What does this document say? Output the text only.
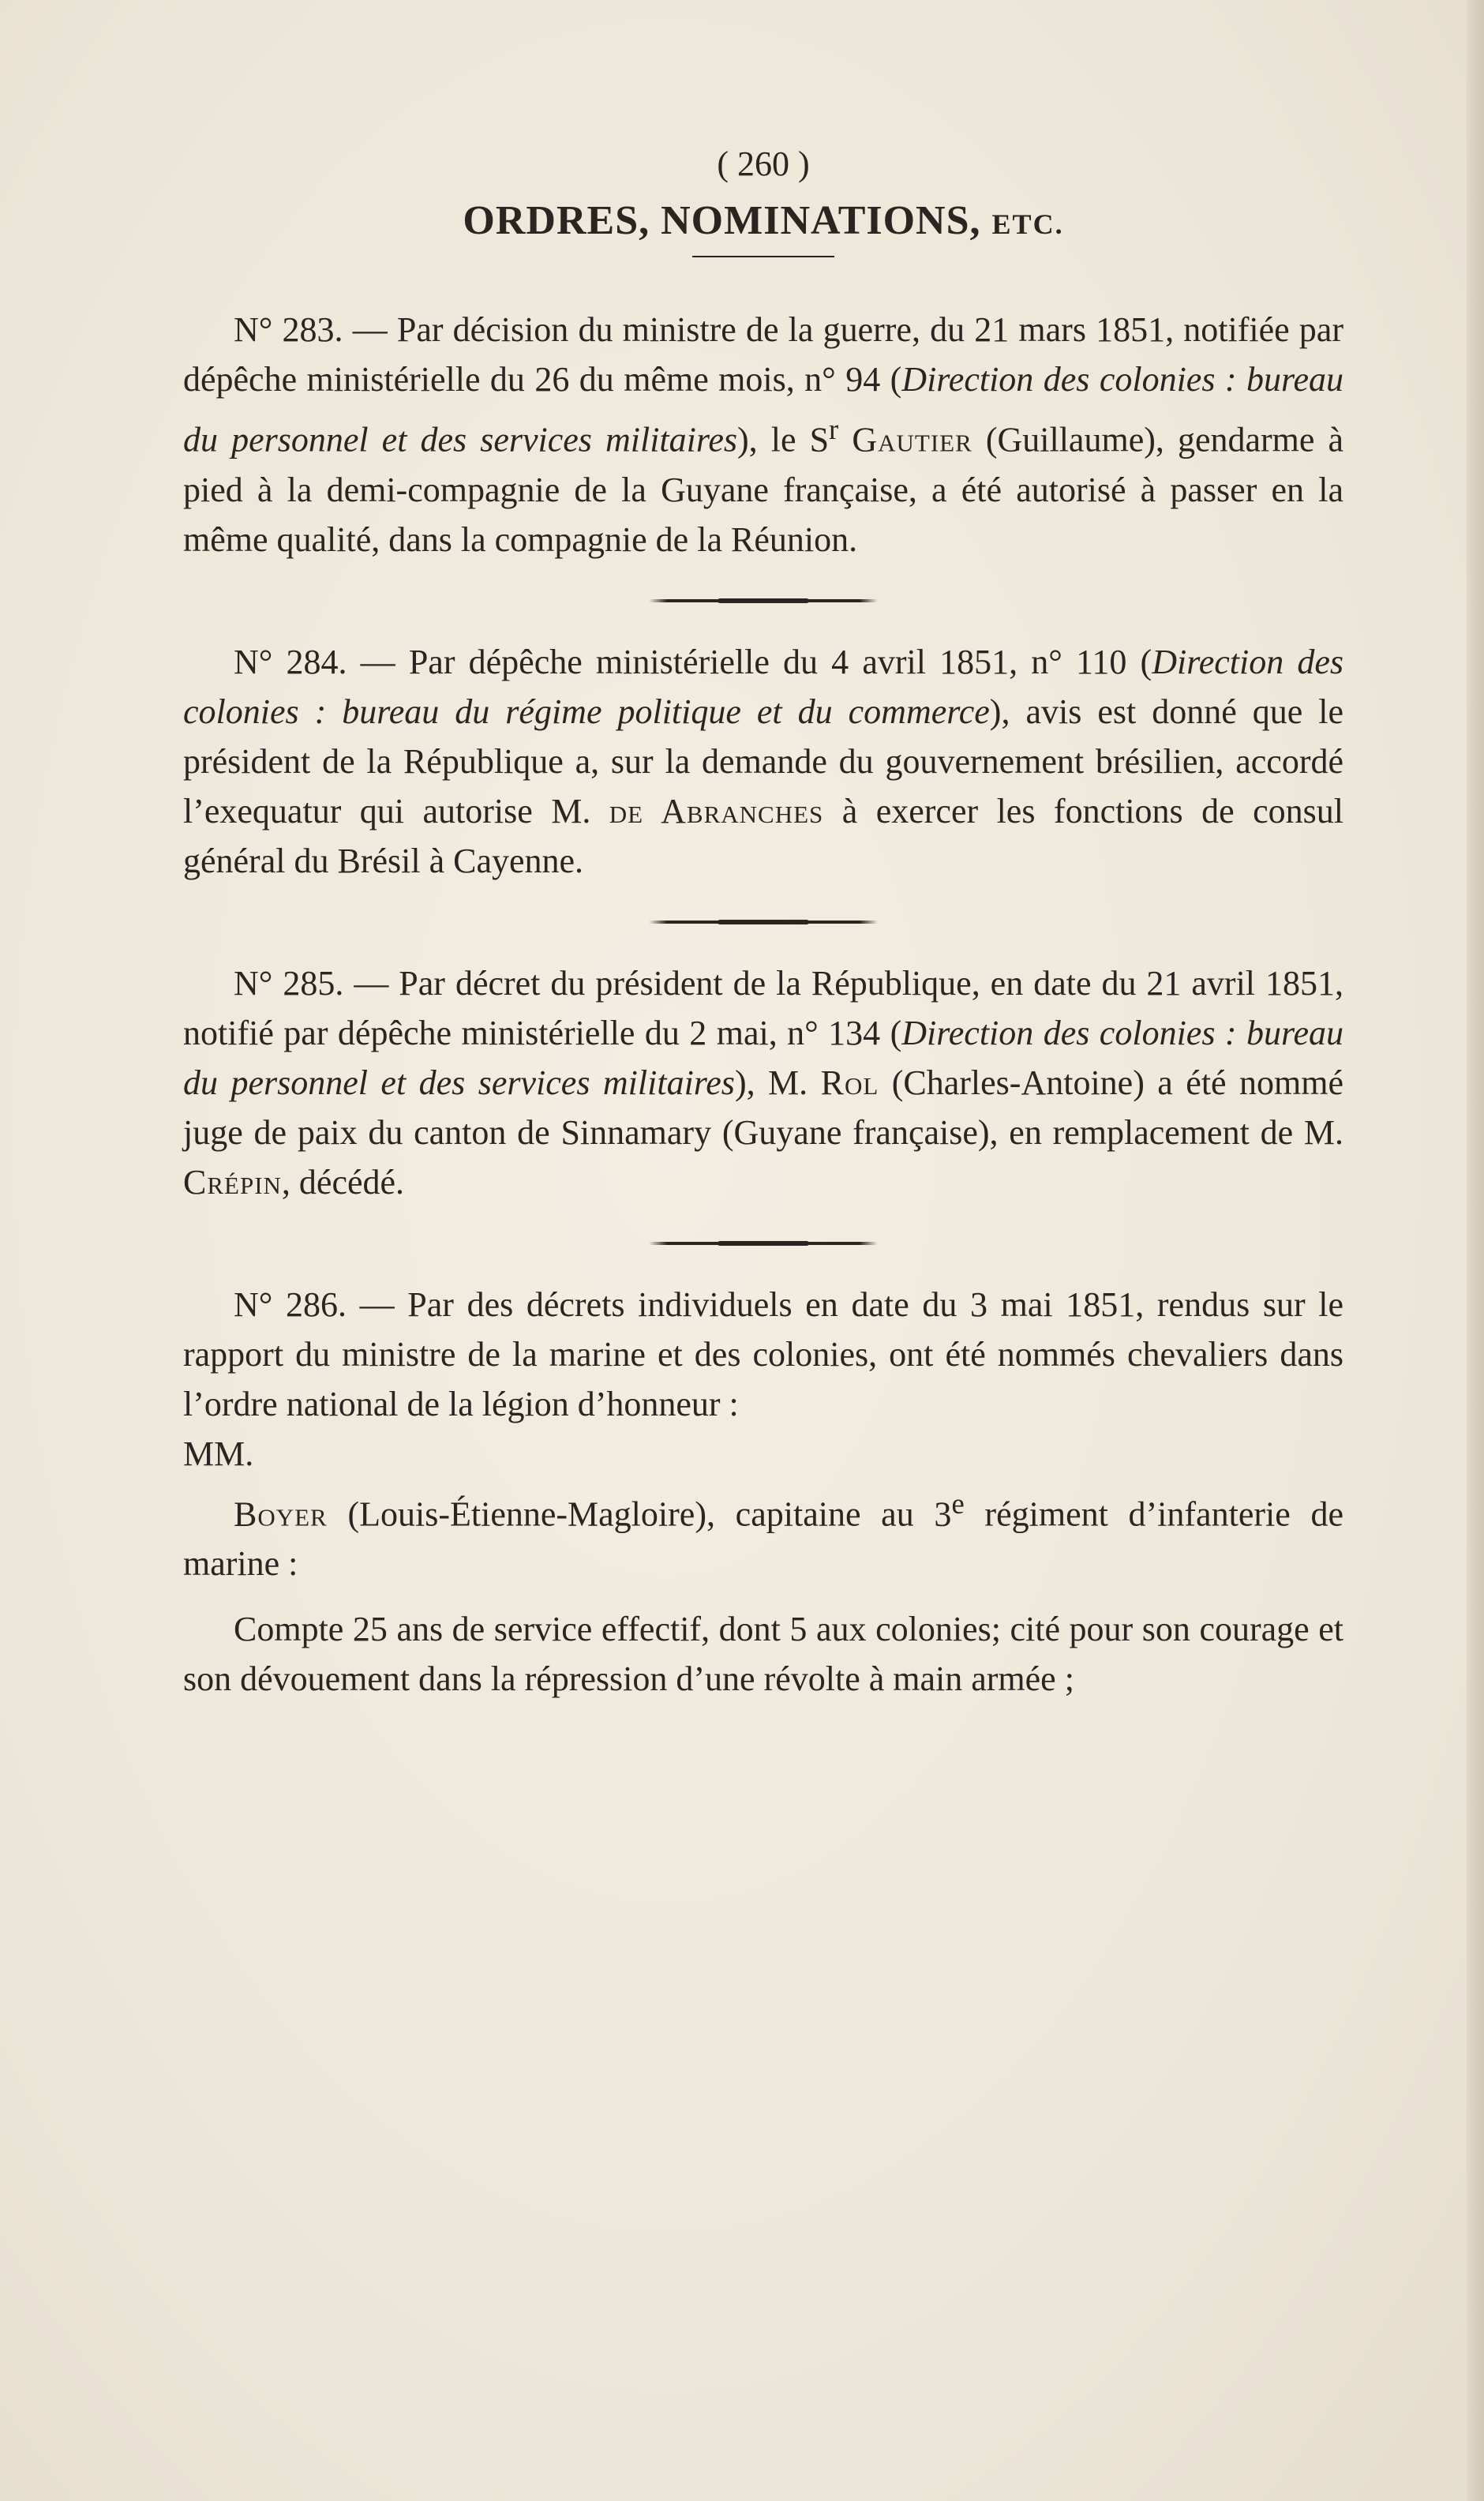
( 260 )
ORDRES, NOMINATIONS, ETC.

N° 283. — Par décision du ministre de la guerre, du 21 mars 1851, notifiée par dépêche ministérielle du 26 du même mois, n° 94 (Direction des colonies : bureau du personnel et des services militaires), le $S^r$ Gautier (Guillaume), gendarme à pied à la demi-compagnie de la Guyane française, a été autorisé à passer en la même qualité, dans la compagnie de la Réunion.

N° 284. — Par dépêche ministérielle du 4 avril 1851, n° 110 (Direction des colonies : bureau du régime politique et du commerce), avis est donné que le président de la République a, sur la demande du gouvernement brésilien, accordé l’exequatur qui autorise M. de Abranches à exercer les fonctions de consul général du Brésil à Cayenne.

N° 285. — Par décret du président de la République, en date du 21 avril 1851, notifié par dépêche ministérielle du 2 mai, n° 134 (Direction des colonies : bureau du personnel et des services militaires), M. Rol (Charles-Antoine) a été nommé juge de paix du canton de Sinnamary (Guyane française), en remplacement de M. Crépin, décédé.

N° 286. — Par des décrets individuels en date du 3 mai 1851, rendus sur le rapport du ministre de la marine et des colonies, ont été nommés chevaliers dans l’ordre national de la légion d’honneur :

MM.

Boyer (Louis-Étienne-Magloire), capitaine au 3e régiment d’infanterie de marine :

Compte 25 ans de service effectif, dont 5 aux colonies; cité pour son courage et son dévouement dans la répression d’une révolte à main armée ;
